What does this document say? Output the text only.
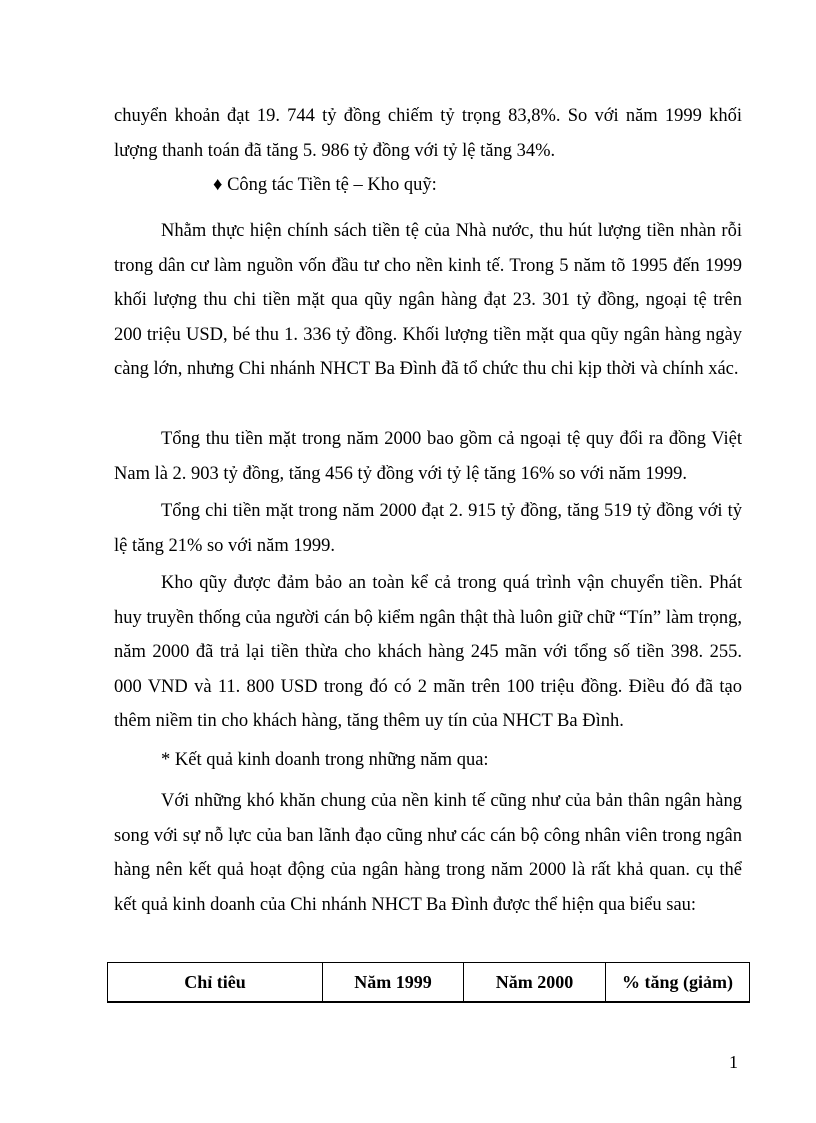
chuyển khoản đạt 19. 744 tỷ đồng chiếm tỷ trọng 83,8%. So với năm 1999 khối lượng thanh toán đã tăng 5. 986 tỷ đồng với tỷ lệ tăng 34%.

♦ Công tác Tiền tệ – Kho quỹ:

Nhằm thực hiện chính sách tiền tệ của Nhà nước, thu hút lượng tiền nhàn rỗi trong dân cư làm nguồn vốn đầu tư cho nền kinh tế. Trong 5 năm tõ 1995 đến 1999 khối lượng thu chi tiền mặt qua qũy ngân hàng đạt 23. 301 tỷ đồng, ngoại tệ trên 200 triệu USD, bé thu 1. 336 tỷ đồng. Khối lượng tiền mặt qua qũy ngân hàng ngày càng lớn, nhưng Chi nhánh NHCT Ba Đình đã tổ chức thu chi kịp thời và chính xác.

Tổng thu tiền mặt trong năm 2000 bao gồm cả ngoại tệ quy đổi ra đồng Việt Nam là 2. 903 tỷ đồng, tăng 456 tỷ đồng với tỷ lệ tăng 16% so với năm 1999.

Tổng chi tiền mặt trong năm 2000 đạt 2. 915 tỷ đồng, tăng 519 tỷ đồng với tỷ lệ tăng 21% so với năm 1999.

Kho qũy được đảm bảo an toàn kể cả trong quá trình vận chuyển tiền. Phát huy truyền thống của người cán bộ kiểm ngân thật thà luôn giữ chữ “Tín” làm trọng, năm 2000 đã trả lại tiền thừa cho khách hàng 245 mãn với tổng số tiền 398. 255. 000 VND và 11. 800 USD trong đó có 2 mãn trên 100 triệu đồng. Điều đó đã tạo thêm niềm tin cho khách hàng, tăng thêm uy tín của NHCT Ba Đình.

* Kết quả kinh doanh trong những năm qua:

Với những khó khăn chung của nền kinh tế cũng như của bản thân ngân hàng song với sự nỗ lực của ban lãnh đạo cũng như các cán bộ công nhân viên trong ngân hàng nên kết quả hoạt động của ngân hàng trong năm 2000 là rất khả quan. cụ thể kết quả kinh doanh của Chi nhánh NHCT Ba Đình được thể hiện qua biểu sau:

Chỉ tiêu	Năm 1999	Năm 2000	% tăng (giảm)

1
